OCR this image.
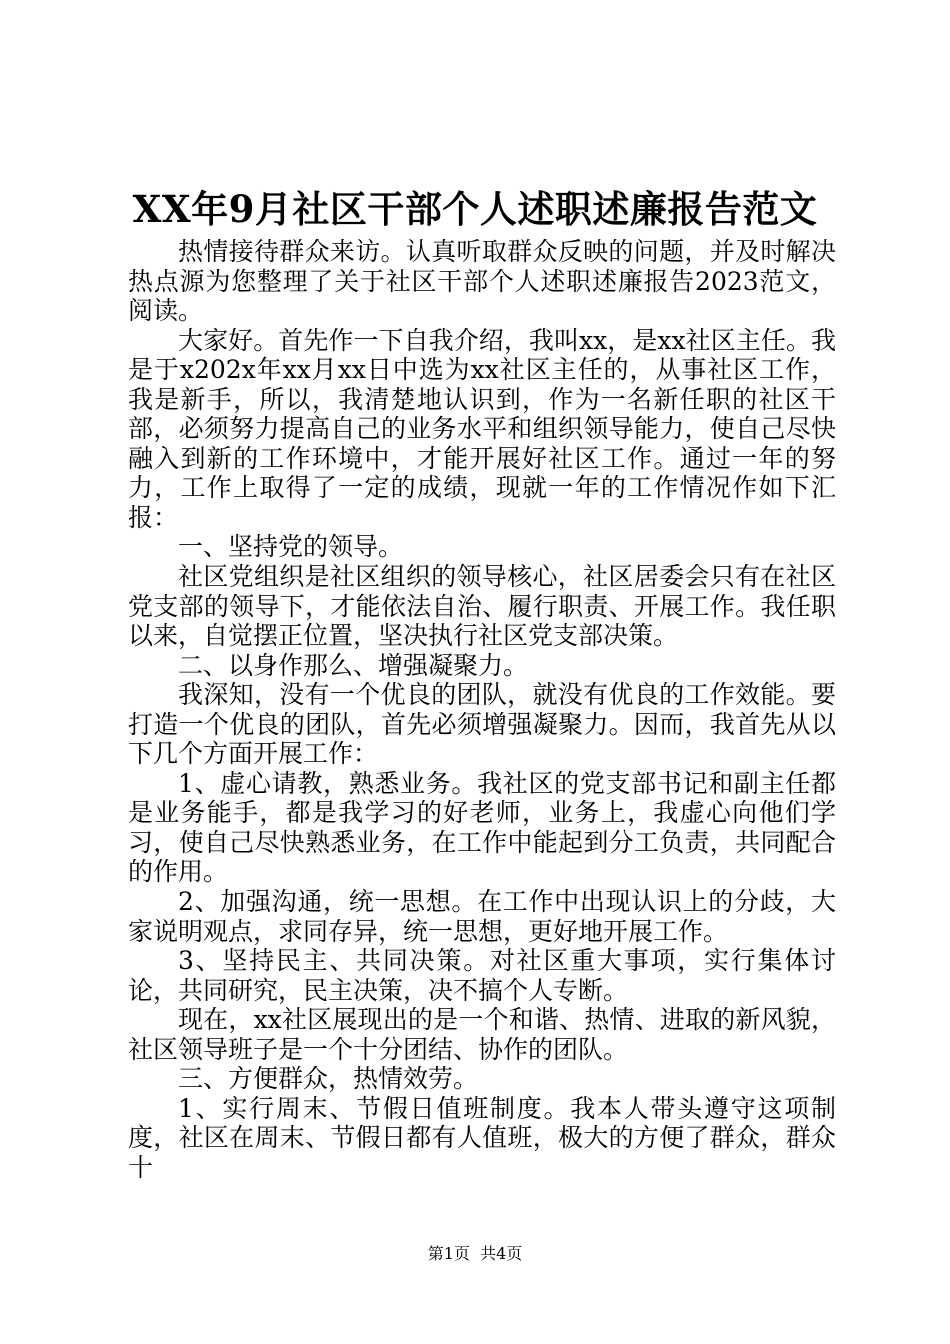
XX年9月社区干部个人述职述廉报告范文

热情接待群众来访。认真听取群众反映的问题，并及时解决热点源为您整理了关于社区干部个人述职述廉报告2023范文，阅读。

大家好。首先作一下自我介绍，我叫xx，是xx社区主任。我是于x202x年xx月xx日中选为xx社区主任的，从事社区工作，我是新手，所以，我清楚地认识到，作为一名新任职的社区干部，必须努力提高自己的业务水平和组织领导能力，使自己尽快融入到新的工作环境中，才能开展好社区工作。通过一年的努力，工作上取得了一定的成绩，现就一年的工作情况作如下汇报：

一、坚持党的领导。

社区党组织是社区组织的领导核心，社区居委会只有在社区党支部的领导下，才能依法自治、履行职责、开展工作。我任职以来，自觉摆正位置，坚决执行社区党支部决策。

二、以身作那么、增强凝聚力。

我深知，没有一个优良的团队，就没有优良的工作效能。要打造一个优良的团队，首先必须增强凝聚力。因而，我首先从以下几个方面开展工作：

1、虚心请教，熟悉业务。我社区的党支部书记和副主任都是业务能手，都是我学习的好老师，业务上，我虚心向他们学习，使自己尽快熟悉业务，在工作中能起到分工负责，共同配合的作用。

2、加强沟通，统一思想。在工作中出现认识上的分歧，大家说明观点，求同存异，统一思想，更好地开展工作。

3、坚持民主、共同决策。对社区重大事项，实行集体讨论，共同研究，民主决策，决不搞个人专断。

现在，xx社区展现出的是一个和谐、热情、进取的新风貌，社区领导班子是一个十分团结、协作的团队。

三、方便群众，热情效劳。

1、实行周末、节假日值班制度。我本人带头遵守这项制度，社区在周末、节假日都有人值班，极大的方便了群众，群众十

第1页 共4页
